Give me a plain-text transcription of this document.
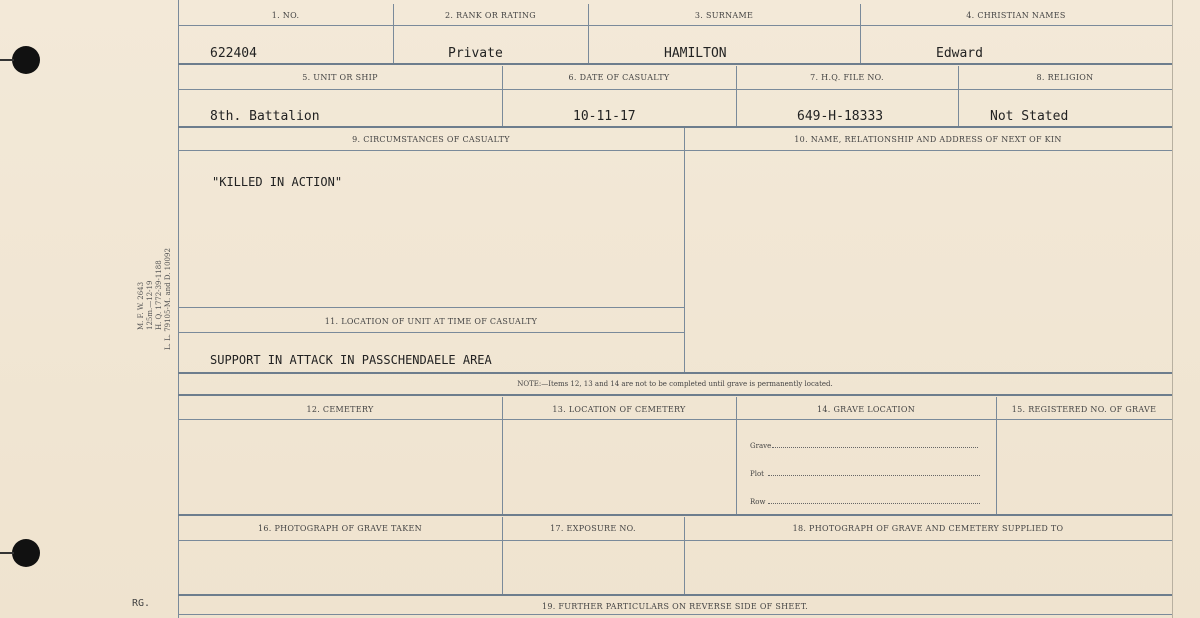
M. F. W. 2643 125m.—12-19 H. Q. 1772-39-1188 L. L. 79105-M. and D. 10092
RG.
1. NO.	2. RANK OR RATING	3. SURNAME	4. CHRISTIAN NAMES
622404	Private	HAMILTON	Edward
5. UNIT OR SHIP	6. DATE OF CASUALTY	7. H.Q. FILE NO.	8. RELIGION
8th. Battalion	10-11-17	649-H-18333	Not Stated
9. CIRCUMSTANCES OF CASUALTY	10. NAME, RELATIONSHIP AND ADDRESS OF NEXT OF KIN
"KILLED IN ACTION"
11. LOCATION OF UNIT AT TIME OF CASUALTY
SUPPORT IN ATTACK IN PASSCHENDAELE AREA
NOTE:—Items 12, 13 and 14 are not to be completed until grave is permanently located.
12. CEMETERY	13. LOCATION OF CEMETERY	14. GRAVE LOCATION	15. REGISTERED NO. OF GRAVE
Grave
Plot
Row
16. PHOTOGRAPH OF GRAVE TAKEN	17. EXPOSURE NO.	18. PHOTOGRAPH OF GRAVE AND CEMETERY SUPPLIED TO
19. FURTHER PARTICULARS ON REVERSE SIDE OF SHEET.
